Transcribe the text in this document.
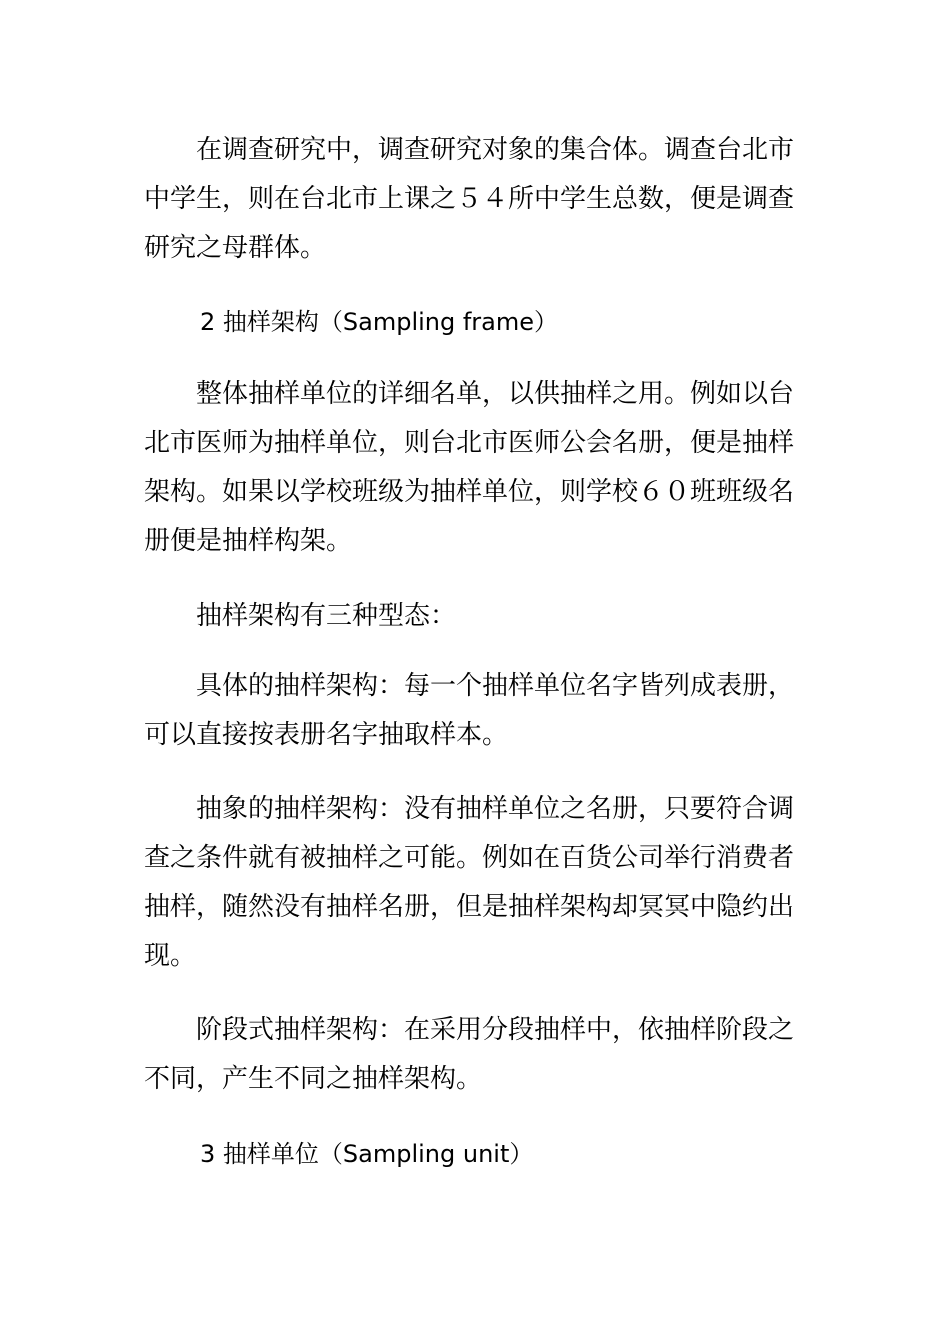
在调查研究中，调查研究对象的集合体。调查台北市中学生，则在台北市上课之５４所中学生总数，便是调查研究之母群体。

2 抽样架构（Sampling frame）

整体抽样单位的详细名单，以供抽样之用。例如以台北市医师为抽样单位，则台北市医师公会名册，便是抽样架构。如果以学校班级为抽样单位，则学校６０班班级名册便是抽样构架。

抽样架构有三种型态：

具体的抽样架构：每一个抽样单位名字皆列成表册，可以直接按表册名字抽取样本。

抽象的抽样架构：没有抽样单位之名册，只要符合调查之条件就有被抽样之可能。例如在百货公司举行消费者抽样，随然没有抽样名册，但是抽样架构却冥冥中隐约出现。

阶段式抽样架构：在采用分段抽样中，依抽样阶段之不同，产生不同之抽样架构。

3 抽样单位（Sampling unit）
